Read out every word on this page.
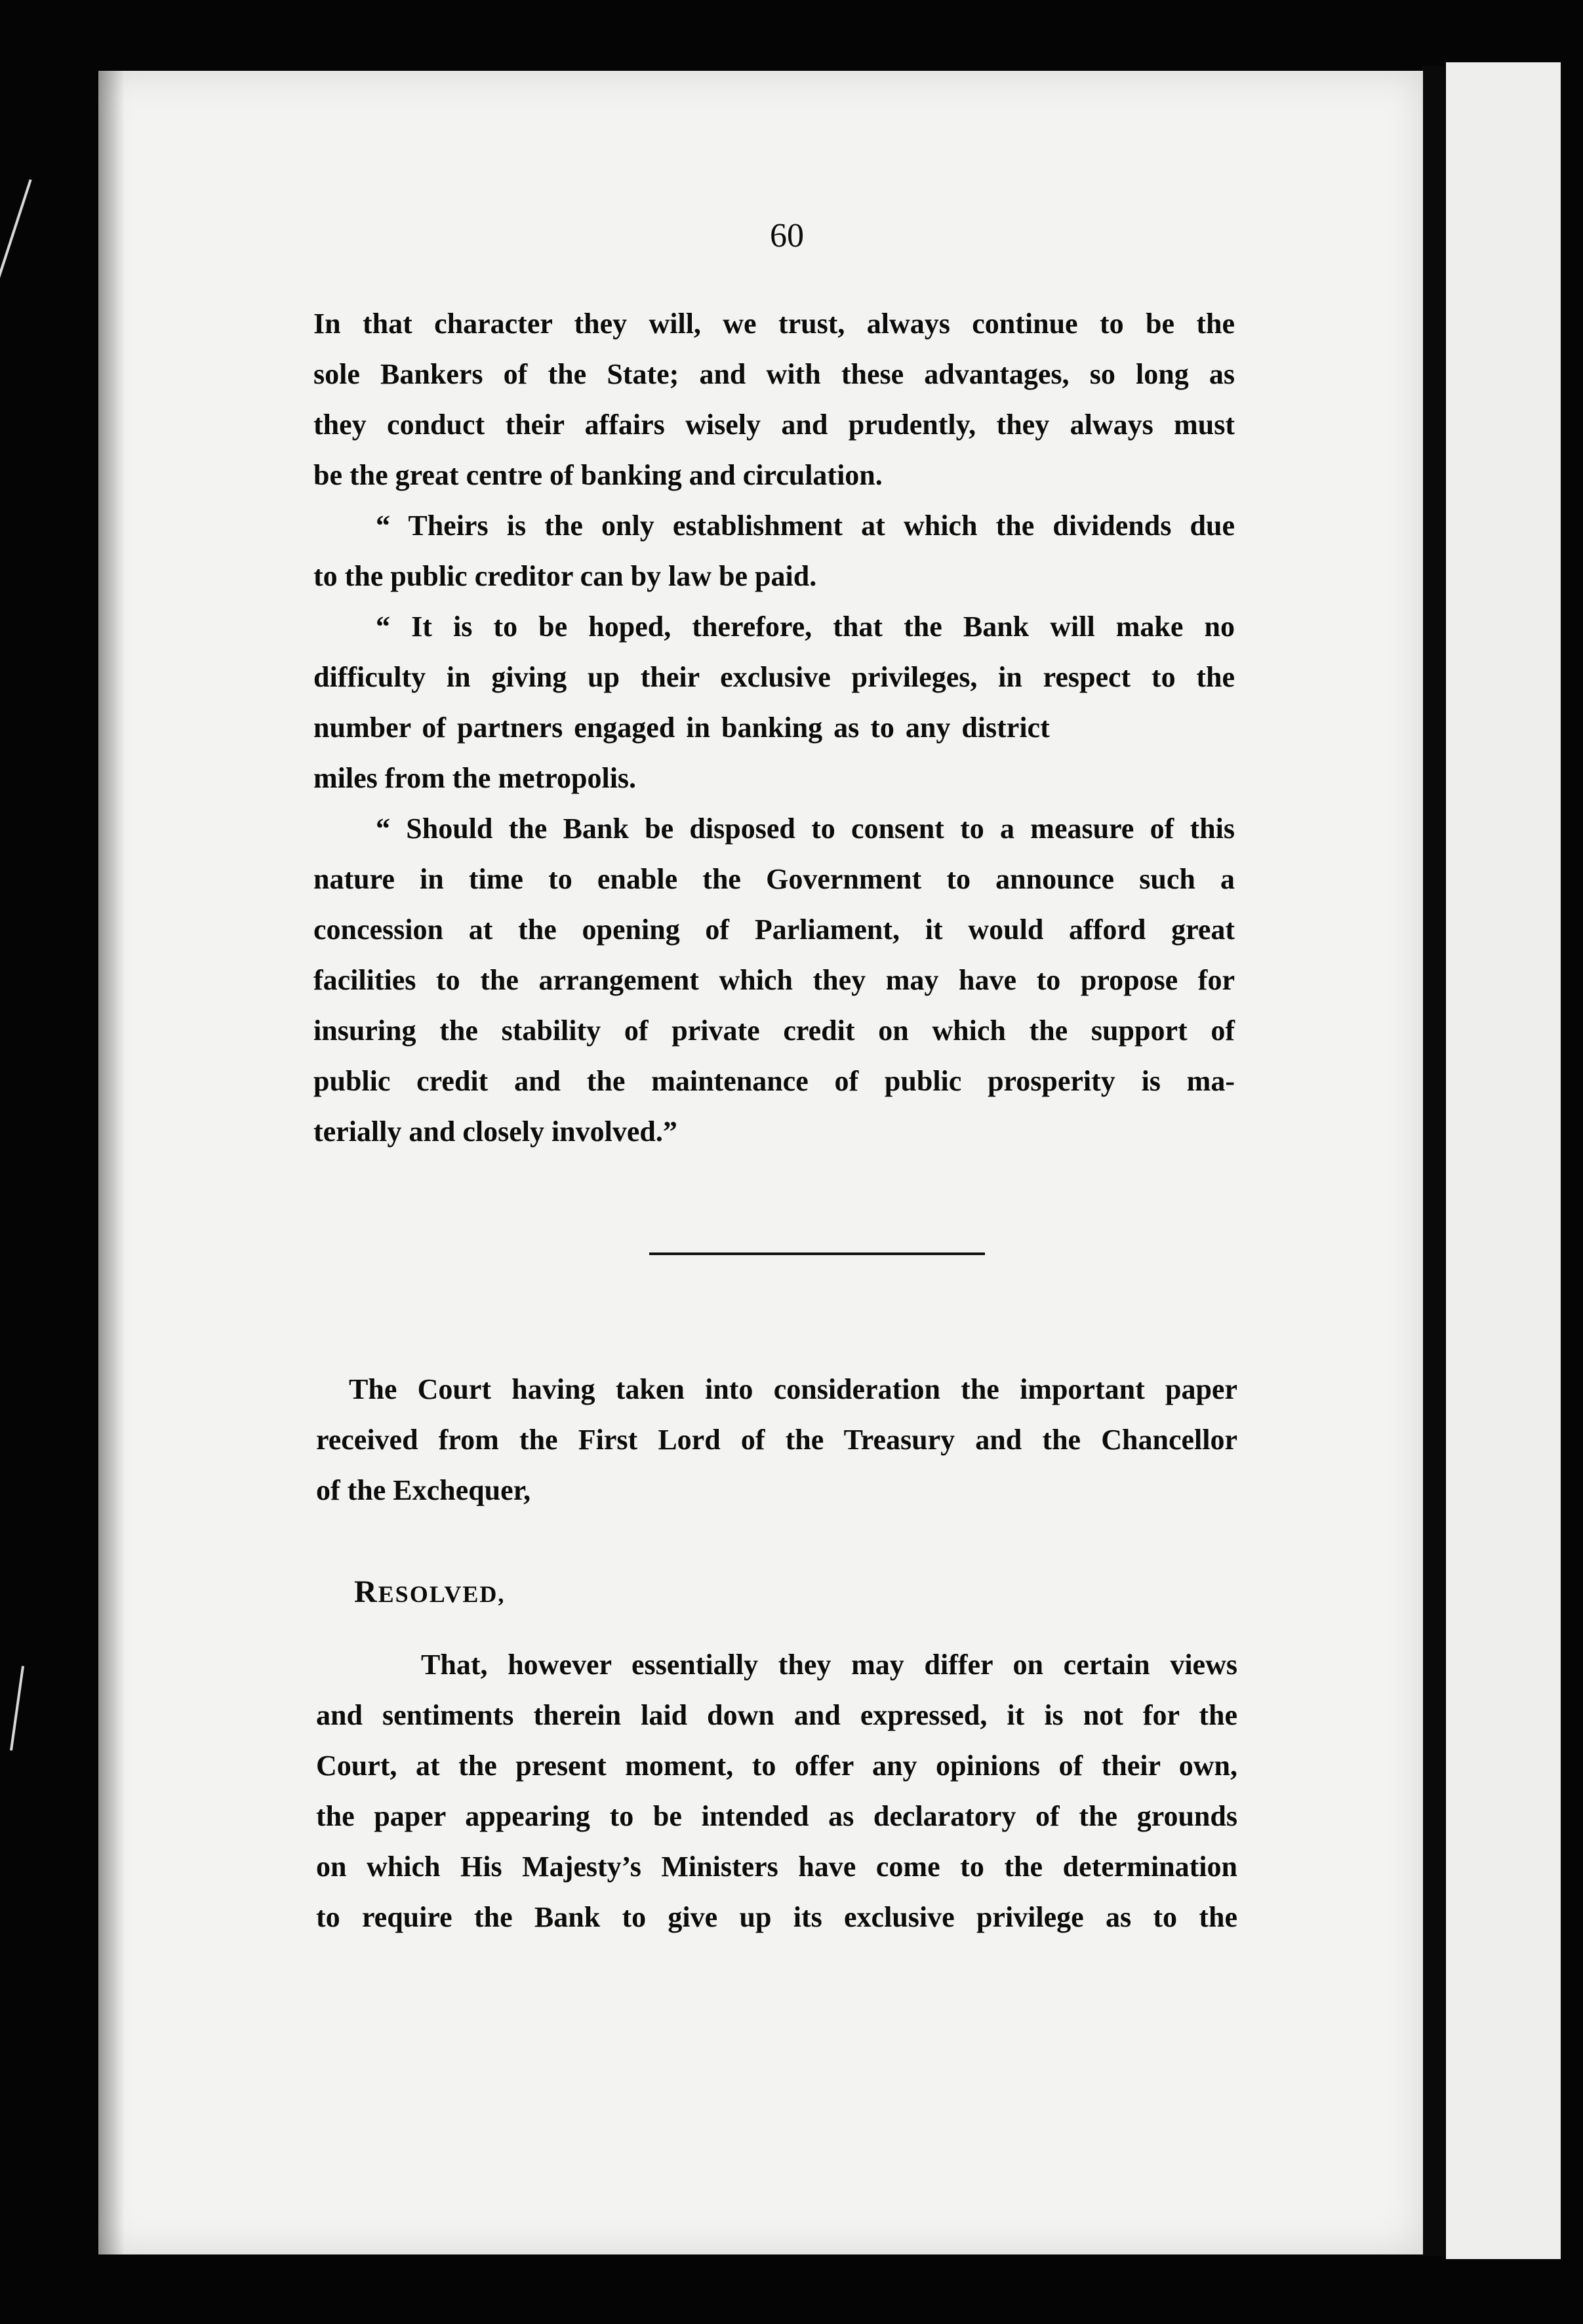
60
In that character they will, we trust, always continue to be the
sole Bankers of the State; and with these advantages, so long as
they conduct their affairs wisely and prudently, they always must
be the great centre of banking and circulation.
“ Theirs is the only establishment at which the dividends due
to the public creditor can by law be paid.
“ It is to be hoped, therefore, that the Bank will make no
difficulty in giving up their exclusive privileges, in respect to the
number of partners engaged in banking as to any district
miles from the metropolis.
“ Should the Bank be disposed to consent to a measure of this
nature in time to enable the Government to announce such a
concession at the opening of Parliament, it would afford great
facilities to the arrangement which they may have to propose for
insuring the stability of private credit on which the support of
public credit and the maintenance of public prosperity is ma-
terially and closely involved.”
The Court having taken into consideration the important paper
received from the First Lord of the Treasury and the Chancellor
of the Exchequer,
RESOLVED,
That, however essentially they may differ on certain views
and sentiments therein laid down and expressed, it is not for the
Court, at the present moment, to offer any opinions of their own,
the paper appearing to be intended as declaratory of the grounds
on which His Majesty’s Ministers have come to the determination
to require the Bank to give up its exclusive privilege as to the
